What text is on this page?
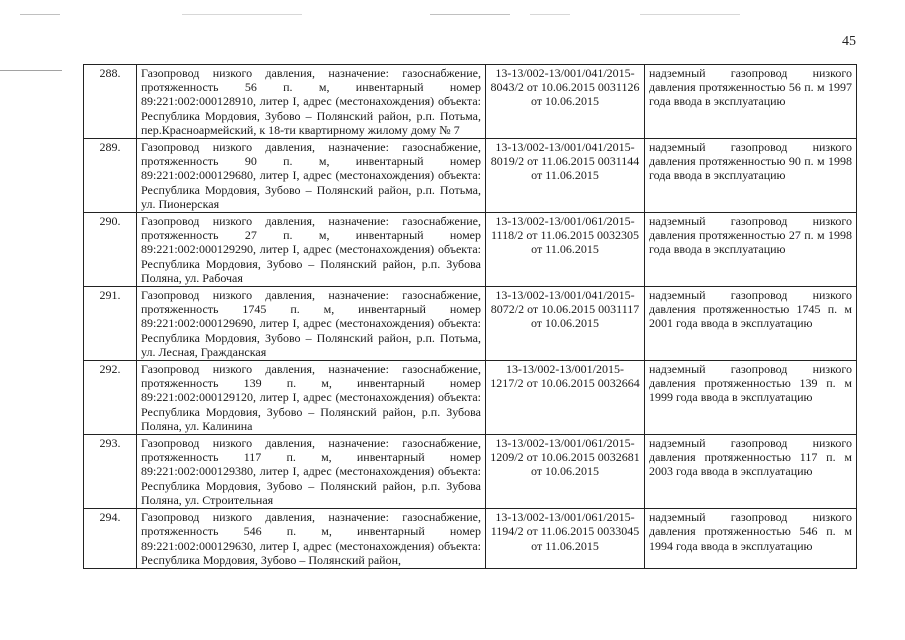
45
288.	Газопровод низкого давления, назначение: газоснабжение, протяженность 56 п. м, инвентарный номер 89:221:002:000128910, литер I, адрес (местонахождения) объекта: Республика Мордовия, Зубово – Полянский район, р.п. Потьма, пер.Красноармейский, к 18-ти квартирному жилому дому № 7	13-13/002-13/001/041/2015-8043/2 от 10.06.2015 0031126 от 10.06.2015	надземный газопровод низкого давления протяженностью 56 п. м 1997 года ввода в эксплуатацию
289.	Газопровод низкого давления, назначение: газоснабжение, протяженность 90 п. м, инвентарный номер 89:221:002:000129680, литер I, адрес (местонахождения) объекта: Республика Мордовия, Зубово – Полянский район, р.п. Потьма, ул. Пионерская	13-13/002-13/001/041/2015-8019/2 от 11.06.2015 0031144 от 11.06.2015	надземный газопровод низкого давления протяженностью 90 п. м 1998 года ввода в эксплуатацию
290.	Газопровод низкого давления, назначение: газоснабжение, протяженность 27 п. м, инвентарный номер 89:221:002:000129290, литер I, адрес (местонахождения) объекта: Республика Мордовия, Зубово – Полянский район, р.п. Зубова Поляна, ул. Рабочая	13-13/002-13/001/061/2015-1118/2 от 11.06.2015 0032305 от 11.06.2015	надземный газопровод низкого давления протяженностью 27 п. м 1998 года ввода в эксплуатацию
291.	Газопровод низкого давления, назначение: газоснабжение, протяженность 1745 п. м, инвентарный номер 89:221:002:000129690, литер I, адрес (местонахождения) объекта: Республика Мордовия, Зубово – Полянский район, р.п. Потьма, ул. Лесная, Гражданская	13-13/002-13/001/041/2015-8072/2 от 10.06.2015 0031117 от 10.06.2015	надземный газопровод низкого давления протяженностью 1745 п. м 2001 года ввода в эксплуатацию
292.	Газопровод низкого давления, назначение: газоснабжение, протяженность 139 п. м, инвентарный номер 89:221:002:000129120, литер I, адрес (местонахождения) объекта: Республика Мордовия, Зубово – Полянский район, р.п. Зубова Поляна, ул. Калинина	13-13/002-13/001/2015-1217/2 от 10.06.2015 0032664	надземный газопровод низкого давления протяженностью 139 п. м 1999 года ввода в эксплуатацию
293.	Газопровод низкого давления, назначение: газоснабжение, протяженность 117 п. м, инвентарный номер 89:221:002:000129380, литер I, адрес (местонахождения) объекта: Республика Мордовия, Зубово – Полянский район, р.п. Зубова Поляна, ул. Строительная	13-13/002-13/001/061/2015-1209/2 от 10.06.2015 0032681 от 10.06.2015	надземный газопровод низкого давления протяженностью 117 п. м 2003 года ввода в эксплуатацию
294.	Газопровод низкого давления, назначение: газоснабжение, протяженность 546 п. м, инвентарный номер 89:221:002:000129630, литер I, адрес (местонахождения) объекта: Республика Мордовия, Зубово – Полянский район,	13-13/002-13/001/061/2015-1194/2 от 11.06.2015 0033045 от 11.06.2015	надземный газопровод низкого давления протяженностью 546 п. м 1994 года ввода в эксплуатацию
